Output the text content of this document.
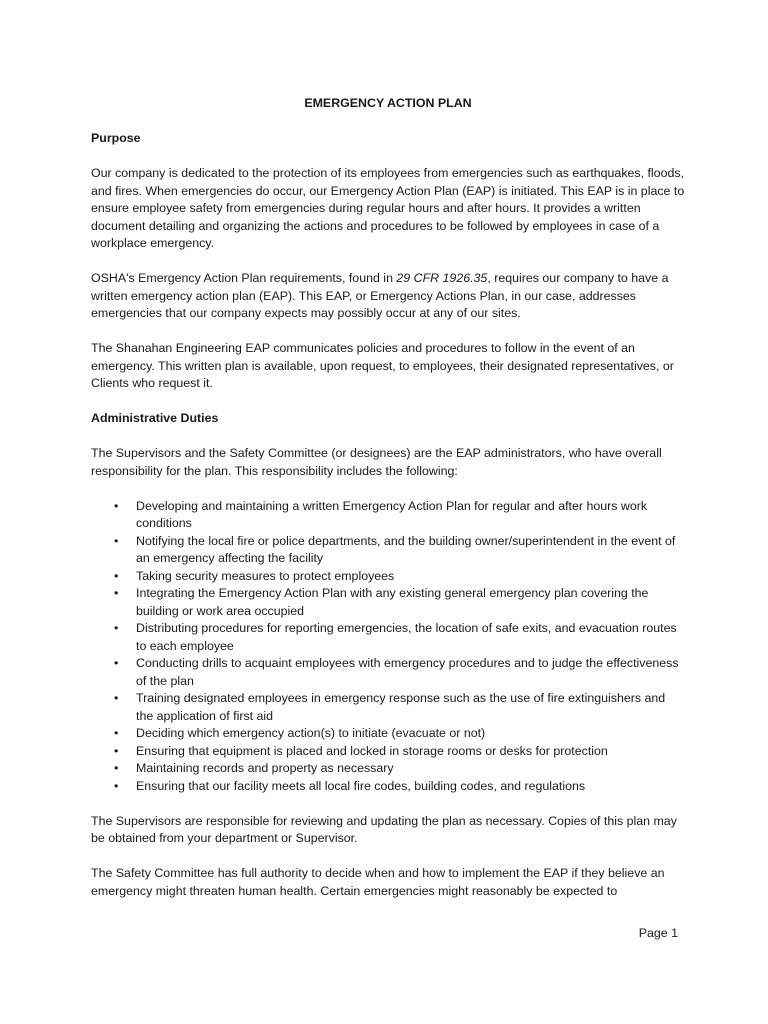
EMERGENCY ACTION PLAN
Purpose

Our company is dedicated to the protection of its employees from emergencies such as earthquakes, floods, and fires. When emergencies do occur, our Emergency Action Plan (EAP) is initiated. This EAP is in place to ensure employee safety from emergencies during regular hours and after hours. It provides a written document detailing and organizing the actions and procedures to be followed by employees in case of a workplace emergency.

OSHA's Emergency Action Plan requirements, found in 29 CFR 1926.35, requires our company to have a written emergency action plan (EAP). This EAP, or Emergency Actions Plan, in our case, addresses emergencies that our company expects may possibly occur at any of our sites.

The Shanahan Engineering EAP communicates policies and procedures to follow in the event of an emergency. This written plan is available, upon request, to employees, their designated representatives, or Clients who request it.

Administrative Duties

The Supervisors and the Safety Committee (or designees) are the EAP administrators, who have overall responsibility for the plan. This responsibility includes the following:

• Developing and maintaining a written Emergency Action Plan for regular and after hours work conditions
• Notifying the local fire or police departments, and the building owner/superintendent in the event of an emergency affecting the facility
• Taking security measures to protect employees
• Integrating the Emergency Action Plan with any existing general emergency plan covering the building or work area occupied
• Distributing procedures for reporting emergencies, the location of safe exits, and evacuation routes to each employee
• Conducting drills to acquaint employees with emergency procedures and to judge the effectiveness of the plan
• Training designated employees in emergency response such as the use of fire extinguishers and the application of first aid
• Deciding which emergency action(s) to initiate (evacuate or not)
• Ensuring that equipment is placed and locked in storage rooms or desks for protection
• Maintaining records and property as necessary
• Ensuring that our facility meets all local fire codes, building codes, and regulations

The Supervisors are responsible for reviewing and updating the plan as necessary. Copies of this plan may be obtained from your department or Supervisor.

The Safety Committee has full authority to decide when and how to implement the EAP if they believe an emergency might threaten human health. Certain emergencies might reasonably be expected to

Page 1
